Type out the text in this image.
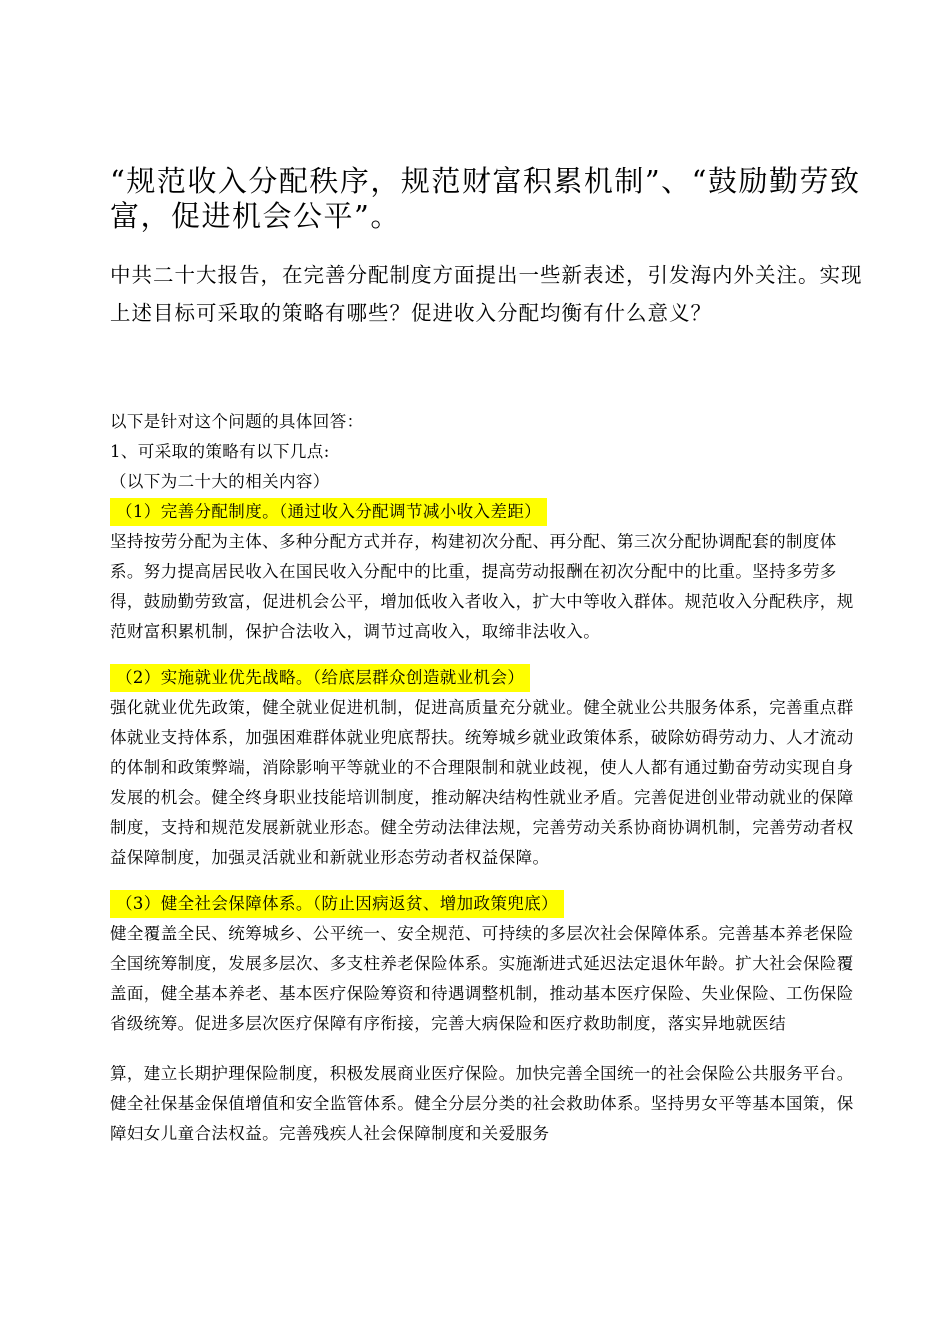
“规范收入分配秩序，规范财富积累机制”、“鼓励勤劳致富，促进机会公平”。
中共二十大报告，在完善分配制度方面提出一些新表述，引发海内外关注。实现上述目标可采取的策略有哪些？促进收入分配均衡有什么意义？

以下是针对这个问题的具体回答：

1、可采取的策略有以下几点:

（以下为二十大的相关内容）

（1）完善分配制度。（通过收入分配调节减小收入差距）

坚持按劳分配为主体、多种分配方式并存，构建初次分配、再分配、第三次分配协调配套的制度体系。努力提高居民收入在国民收入分配中的比重，提高劳动报酬在初次分配中的比重。坚持多劳多得，鼓励勤劳致富，促进机会公平，增加低收入者收入，扩大中等收入群体。规范收入分配秩序，规范财富积累机制，保护合法收入，调节过高收入，取缔非法收入。

（2）实施就业优先战略。（给底层群众创造就业机会）

强化就业优先政策，健全就业促进机制，促进高质量充分就业。健全就业公共服务体系，完善重点群体就业支持体系，加强困难群体就业兜底帮扶。统筹城乡就业政策体系，破除妨碍劳动力、人才流动的体制和政策弊端，消除影响平等就业的不合理限制和就业歧视，使人人都有通过勤奋劳动实现自身发展的机会。健全终身职业技能培训制度，推动解决结构性就业矛盾。完善促进创业带动就业的保障制度，支持和规范发展新就业形态。健全劳动法律法规，完善劳动关系协商协调机制，完善劳动者权益保障制度，加强灵活就业和新就业形态劳动者权益保障。

（3）健全社会保障体系。（防止因病返贫、增加政策兜底）

健全覆盖全民、统筹城乡、公平统一、安全规范、可持续的多层次社会保障体系。完善基本养老保险全国统筹制度，发展多层次、多支柱养老保险体系。实施渐进式延迟法定退休年龄。扩大社会保险覆盖面，健全基本养老、基本医疗保险筹资和待遇调整机制，推动基本医疗保险、失业保险、工伤保险省级统筹。促进多层次医疗保障有序衔接，完善大病保险和医疗救助制度，落实异地就医结

算，建立长期护理保险制度，积极发展商业医疗保险。加快完善全国统一的社会保险公共服务平台。健全社保基金保值增值和安全监管体系。健全分层分类的社会救助体系。坚持男女平等基本国策，保障妇女儿童合法权益。完善残疾人社会保障制度和关爱服务
